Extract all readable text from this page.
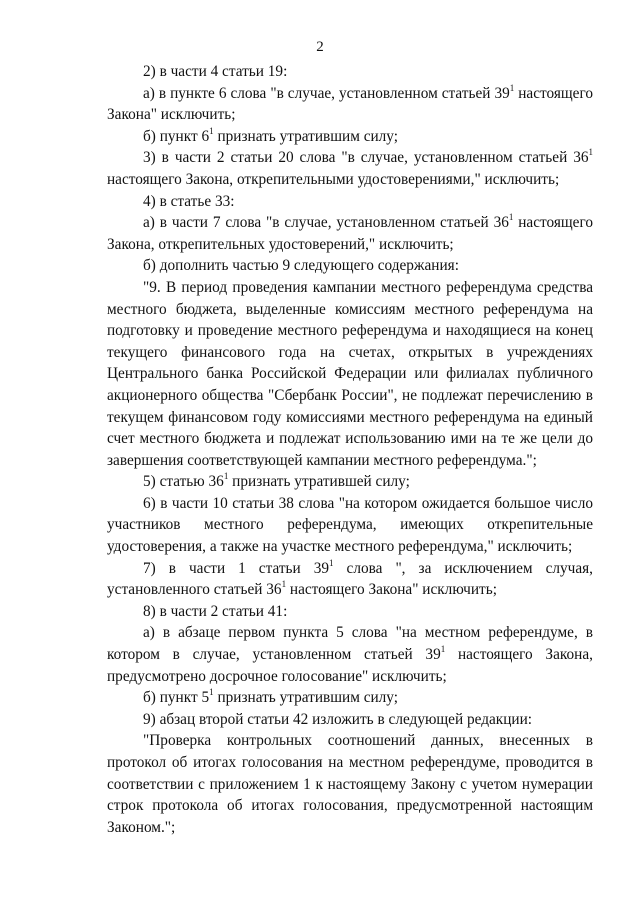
2

2) в части 4 статьи 19:

а) в пункте 6 слова "в случае, установленном статьей $39^1$ настоящего Закона" исключить;

б) пункт $6^1$ признать утратившим силу;

3) в части 2 статьи 20 слова "в случае, установленном статьей $36^1$ настоящего Закона, открепительными удостоверениями," исключить;

4) в статье 33:

а) в части 7 слова "в случае, установленном статьей $36^1$ настоящего Закона, открепительных удостоверений," исключить;

б) дополнить частью 9 следующего содержания:

"9. В период проведения кампании местного референдума средства местного бюджета, выделенные комиссиям местного референдума на подготовку и проведение местного референдума и находящиеся на конец текущего финансового года на счетах, открытых в учреждениях Центрального банка Российской Федерации или филиалах публичного акционерного общества "Сбербанк России", не подлежат перечислению в текущем финансовом году комиссиями местного референдума на единый счет местного бюджета и подлежат использованию ими на те же цели до завершения соответствующей кампании местного референдума.";

5) статью $36^1$ признать утратившей силу;

6) в части 10 статьи 38 слова "на котором ожидается большое число участников местного референдума, имеющих открепительные удостоверения, а также на участке местного референдума," исключить;

7) в части 1 статьи $39^1$ слова ", за исключением случая, установленного статьей $36^1$ настоящего Закона" исключить;

8) в части 2 статьи 41:

а) в абзаце первом пункта 5 слова "на местном референдуме, в котором в случае, установленном статьей $39^1$ настоящего Закона, предусмотрено досрочное голосование" исключить;

б) пункт $5^1$ признать утратившим силу;

9) абзац второй статьи 42 изложить в следующей редакции:

"Проверка контрольных соотношений данных, внесенных в протокол об итогах голосования на местном референдуме, проводится в соответствии с приложением 1 к настоящему Закону с учетом нумерации строк протокола об итогах голосования, предусмотренной настоящим Законом.";
